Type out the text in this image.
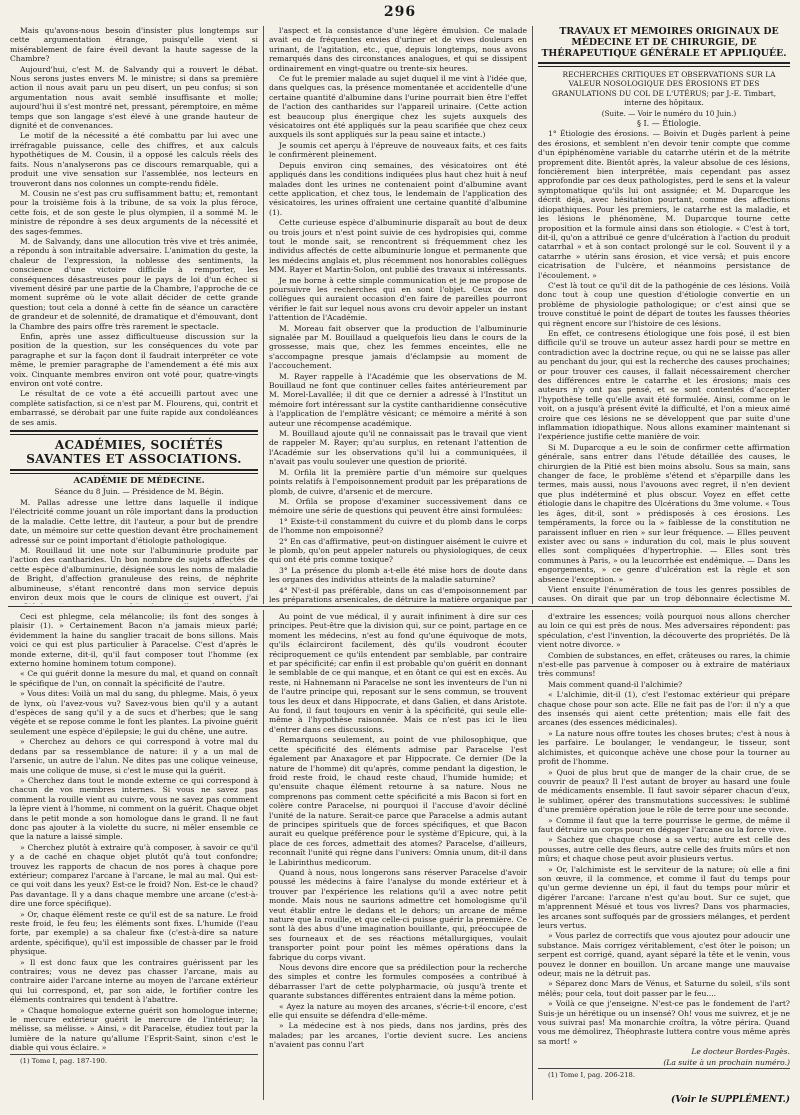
296

Mais qu'avons-nous besoin d'insister plus longtemps sur cette argumentation étrange, puisqu'elle vient si misérablement de faire éveil devant la haute sagesse de la Chambre?

Aujourd'hui, c'est M. de Salvandy qui a rouvert le débat. Nous serons justes envers M. le ministre; si dans sa première action il nous avait paru un peu disert, un peu confus; si son argumentation nous avait semblé insuffisante et molle; aujourd'hui il s'est montré net, pressant, péremptoire, en même temps que son langage s'est élevé à une grande hauteur de dignité et de convenances.

Le motif de la nécessité a été combattu par lui avec une irréfragable puissance, celle des chiffres, et aux calculs hypothétiques de M. Cousin, il a opposé les calculs réels des faits. Nous n'analyserons pas ce discours remarquable, qui a produit une vive sensation sur l'assemblée, nos lecteurs en trouveront dans nos colonnes un compte-rendu fidèle.

M. Cousin ne s'est pas cru suffisamment battu; et, remontant pour la troisième fois à la tribune, de sa voix la plus féroce, cette fois, et de son geste le plus olympien, il a sommé M. le ministre de répondre à ses deux arguments de la nécessité et des sages-femmes.

M. de Salvandy, dans une allocution très vive et très animée, a répondu à son intraitable adversaire. L'animation du geste, la chaleur de l'expression, la noblesse des sentiments, la conscience d'une victoire difficile à remporter, les conséquences désastreuses pour le pays de loi d'un échec si vivement désiré par une partie de la Chambre, l'approche de ce moment suprême où le vote allait décider de cette grande question; tout cela a donné à cette fin de séance un caractère de grandeur et de solennité, de dramatique et d'émouvant, dont la Chambre des pairs offre très rarement le spectacle.

Enfin, après une assez difficultueuse discussion sur la position de la question, sur les conséquences du vote par paragraphe et sur la façon dont il faudrait interpréter ce vote même, le premier paragraphe de l'amendement a été mis aux voix. Cinquante membres environ ont voté pour, quatre-vingts environ ont voté contre.

Le résultat de ce vote a été accueilli partout avec une complète satisfaction, si ce n'est par M. Flourens, qui, contrit et embarrassé, se dérobait par une fuite rapide aux condoléances de ses amis.

ACADÉMIES, SOCIÉTÉS SAVANTES ET ASSOCIATIONS.

ACADÉMIE DE MÉDECINE.

Séance du 8 Juin. — Présidence de M. Bégin.

M. Pallas adresse une lettre dans laquelle il indique l'électricité comme jouant un rôle important dans la production de la maladie. Cette lettre, dit l'auteur, a pour but de prendre date, un mémoire sur cette question devant être prochainement adressé sur ce point important d'étiologie pathologique.

M. Rouillaud lit une note sur l'albuminurie produite par l'action des cantharides. Un bon nombre de sujets affectés de cette espèce d'albuminurie, désignée sous les noms de maladie de Bright, d'affection granuleuse des reins, de néphrite albumineuse, s'étant rencontré dans mon service depuis environ deux mois que le cours de clinique est ouvert, j'ai

l'aspect et la consistance d'une légère émulsion. Ce malade avait eu de fréquentes envies d'uriner et de vives douleurs en urinant, de l'agitation, etc., que, depuis longtemps, nous avons remarqués dans des circonstances analogues, et qui se dissipent ordinairement en vingt-quatre ou trente-six heures.

Ce fut le premier malade au sujet duquel il me vint à l'idée que, dans quelques cas, la présence momentanée et accidentelle d'une certaine quantité d'albumine dans l'urine pourrait bien être l'effet de l'action des cantharides sur l'appareil urinaire. (Cette action est beaucoup plus énergique chez les sujets auxquels des vésicatoires ont été appliqués sur la peau scarifiée que chez ceux auxquels ils sont appliqués sur la peau saine et intacte.)

Je soumis cet aperçu à l'épreuve de nouveaux faits, et ces faits le confirmèrent pleinement.

Depuis environ cinq semaines, des vésicatoires ont été appliqués dans les conditions indiquées plus haut chez huit à neuf malades dont les urines ne contenaient point d'albumine avant cette application, et chez tous, le lendemain de l'application des vésicatoires, les urines offraient une certaine quantité d'albumine (1).

Cette curieuse espèce d'albuminurie disparaît au bout de deux ou trois jours et n'est point suivie de ces hydropisies qui, comme tout le monde sait, se rencontrent si fréquemment chez les individus affectés de cette albuminurie longue et permanente que les médecins anglais et, plus récemment nos honorables collègues MM. Rayer et Martin-Solon, ont publié des travaux si intéressants.

Je me borne à cette simple communication et je me propose de poursuivre les recherches qui en sont l'objet. Ceux de nos collègues qui auraient occasion d'en faire de pareilles pourront vérifier le fait sur lequel nous avons cru devoir appeler un instant l'attention de l'Académie.

M. Moreau fait observer que la production de l'albuminurie signalée par M. Bouillaud a quelquefois lieu dans le cours de la grossesse, mais que, chez les femmes enceintes, elle ne s'accompagne presque jamais d'éclampsie au moment de l'accouchement.

M. Rayer rappelle à l'Académie que les observations de M. Bouillaud ne font que continuer celles faites antérieurement par M. Morel-Lavallée; il dit que ce dernier a adressé à l'Institut un mémoire fort intéressant sur la cystite cantharidienne consécutive à l'application de l'emplâtre vésicant; ce mémoire a mérité à son auteur une récompense académique.

M. Bouillaud ajoute qu'il ne connaissait pas le travail que vient de rappeler M. Rayer; qu'au surplus, en retenant l'attention de l'Académie sur les observations qu'il lui a communiquées, il n'avait pas voulu soulever une question de priorité.

M. Orfila lit la première partie d'un mémoire sur quelques points relatifs à l'empoisonnement produit par les préparations de plomb, de cuivre, d'arsenic et de mercure.

M. Orfila se propose d'examiner successivement dans ce mémoire une série de questions qui peuvent être ainsi formulées:

1° Existe-t-il constamment du cuivre et du plomb dans le corps de l'homme non empoisonné?

2° En cas d'affirmative, peut-on distinguer aisément le cuivre et le plomb, qu'on peut appeler naturels ou physiologiques, de ceux qui ont été pris comme toxique?

3° La présence du plomb a-t-elle été mise hors de doute dans les organes des individus atteints de la maladie saturnine?

4° N'est-il pas préférable, dans un cas d'empoisonnement par les préparations arsenicales, de détruire la matière organique par

TRAVAUX ET MÉMOIRES ORIGINAUX DE MÉDECINE ET DE CHIRURGIE, DE THÉRAPEUTIQUE GÉNÉRALE ET APPLIQUÉE.

RECHERCHES CRITIQUES ET OBSERVATIONS SUR LA VALEUR NOSOLOGIQUE DES ÉROSIONS ET DES GRANULATIONS DU COL DE L'UTÉRUS; par J.-E. Timbart, interne des hôpitaux.

(Suite. — Voir le numéro du 10 Juin.)

§ I. — Étiologie.

1° Étiologie des érosions. — Boivin et Dugès parlent à peine des érosions, et semblent n'en devoir tenir compte que comme d'un épiphénomène variable du catarrhe utérin et de la métrite proprement dite. Bientôt après, la valeur absolue de ces lésions, foncièrement bien interprétée, mais cependant pas assez approfondie par ces deux pathologistes, perd le sens et la valeur symptomatique qu'ils lui ont assignée; et M. Duparcque les décrit déjà, avec hésitation pourtant, comme des affections idiopathiques. Pour les premiers, le catarrhe est la maladie, et les lésions le phénomène, M. Duparcque tourne cette proposition et la formule ainsi dans son étiologie. « C'est à tort, dit-il, qu'on a attribué ce genre d'ulcération à l'action du produit catarrhal » et à son contact prolongé sur le col. Souvent il y a catarrhe » utérin sans érosion, et vice versâ; et puis encore cicatrisation de l'ulcère, et néanmoins persistance de l'écoulement. »

C'est là tout ce qu'il dit de la pathogénie de ces lésions. Voilà donc tout à coup une question d'étiologie convertie en un problème de physiologie pathologique; or c'est ainsi que se trouve constitué le point de départ de toutes les fausses théories qui règnent encore sur l'histoire de ces lésions.

En effet, ce contresens étiologique une fois posé, il est bien difficile qu'il se trouve un auteur assez hardi pour se mettre en contradiction avec la doctrine reçue, ou qui ne se laisse pas aller au penchant du jour, qui est la recherche des causes prochaines; or pour trouver ces causes, il fallait nécessairement chercher des différences entre le catarrhe et les érosions; mais ces auteurs n'y ont pas pensé, et se sont contentés d'accepter l'hypothèse telle qu'elle avait été formulée. Ainsi, comme on le voit, on a jusqu'à présent évité la difficulté, et l'on a mieux aimé croire que ces lésions ne se développent que par suite d'une inflammation idiopathique. Nous allons examiner maintenant si l'expérience justifie cette manière de voir.

Si M. Duparcque a eu le soin de confirmer cette affirmation générale, sans entrer dans l'étude détaillée des causes, le chirurgien de la Pitié est bien moins absolu. Sous sa main, sans changer de face, le problème s'étend et s'éparpille dans les termes, mais aussi, nous l'avouons avec regret, il n'en devient que plus indéterminé et plus obscur. Voyez en effet cette étiologie dans le chapitre des Ulcérations du 3me volume. « Tous les âges, dit-il, sont » prédisposés à ces érosions. Les tempéraments, la force ou la » faiblesse de la constitution ne paraissent influer en rien » sur leur fréquence. — Elles peuvent exister avec ou sans » induration du col, mais le plus souvent elles sont compliquées d'hypertrophie. — Elles sont très communes à Paris, » ou la leucorrhée est endémique. — Dans les engorgements, » ce genre d'ulcération est la règle et son absence l'exception. »

Vient ensuite l'énumération de tous les genres possibles de causes. On dirait que par un trop débonnaire éclectisme M.

Ceci est phlegme, cela mélancolie; ils font des songes à plaisir (1). » Certainement Bacon n'a jamais mieux parlé; évidemment la haine du sanglier tracait de bons sillons. Mais voici ce qui est plus particulier à Paracelse. C'est d'après le monde externe, dit-il, qu'il faut composer tout l'homme (ex externo homine hominem totum compone).

« Ce qui guérit donne la mesure du mal, et quand on connaît le spécifique de l'un, on connaît la spécificité de l'autre.

» Vous dites: Voilà un mal du sang, du phlegme. Mais, ô yeux de lynx, où l'avez-vous vu? Savez-vous bien qu'il y a autant d'espèces de sang qu'il y a de sucs et d'herbes; que le sang végète et se repose comme le font les plantes. La pivoine guérit seulement une espèce d'épilepsie; le gui du chêne, une autre.

» Cherchez au dehors ce qui correspond à votre mal du dedans par sa ressemblance de nature: il y a un mal de l'arsenic, un autre de l'alun. Ne dites pas une colique veineuse, mais une colique de muse, si c'est le muse qui la guérit.

» Cherchez dans tout le monde externe ce qui correspond à chacun de vos membres internes. Si vous ne savez pas comment la rouille vient au cuivre, vous ne savez pas comment la lèpre vient à l'homme, ni comment on la guérit. Chaque objet dans le petit monde a son homologue dans le grand. Il ne faut donc pas ajouter à la violette du sucre, ni mêler ensemble ce que la nature a laissé simple.

» Cherchez plutôt à extraire qu'à composer, à savoir ce qu'il y a de caché en chaque objet plutôt qu'à tout confondre; trouvez les rapports de chacun de nos pores à chaque pore extérieur; comparez l'arcane à l'arcane, le mal au mal. Qui est-ce qui voit dans les yeux? Est-ce le froid? Non. Est-ce le chaud? Pas davantage. Il y a dans chaque membre une arcane (c'est-à-dire une force spécifique).

» Or, chaque élément reste ce qu'il est de sa nature. Le froid reste froid, le feu feu; les éléments sont fixes. L'humide (l'eau forte, par exemple) a sa chaleur fixe (c'est-à-dire sa nature ardente, spécifique), qu'il est impossible de chasser par le froid physique.

» Il est donc faux que les contraires guérissent par les contraires; vous ne devez pas chasser l'arcane, mais au contraire aider l'arcane interne au moyen de l'arcane extérieur qui lui correspond, et, par son aide, le fortifier contre les éléments contraires qui tendent à l'abattre.

» Chaque homologue externe guérit son homologue interne; le mercure extérieur guérit le mercure de l'intérieur; la mélisse, sa mélisse. » Ainsi, » dit Paracelse, étudiez tout par la lumière de la nature qu'allume l'Esprit-Saint, sinon c'est le diable qui vous éclaire. »

(1) Tome I, pag. 187-190.

Au point de vue médical, il y aurait infiniment à dire sur ces principes. Peut-être que la division qui, sur ce point, partage en ce moment les médecins, n'est au fond qu'une équivoque de mots, qu'ils éclairciront facilement, dès qu'ils voudront écouter réciproquement ce qu'ils entendent par semblable, par contraire et par spécificité; car enfin il est probable qu'on guérit en donnant le semblable de ce qui manque, et en ôtant ce qui est en excès. Au reste, ni Hahnemann ni Paracelse ne sont les inventeurs de l'un ni de l'autre principe qui, reposant sur le sens commun, se trouvent tous les deux et dans Hippocrate, et dans Galien, et dans Aristote. Au fond, il faut toujours en venir à la spécificité, qui seule elle-même à l'hypothèse raisonnée. Mais ce n'est pas ici le lieu d'entrer dans ces discussions.

Remarquons seulement, au point de vue philosophique, que cette spécificité des éléments admise par Paracelse l'est également par Anaxagore et par Hippocrate. Ce dernier (De la nature de l'homme) dit qu'après, comme pendant la digestion, le froid reste froid, le chaud reste chaud, l'humide humide; et qu'ensuite chaque élément retourne à sa nature. Nous ne comprenons pas comment cette spécificité a mis Bacon si fort en colère contre Paracelse, ni pourquoi il l'accuse d'avoir décliné l'unité de la nature. Serait-ce parce que Paracelse a admis autant de principes spirituels que de forces spécifiques, et que Bacon aurait eu quelque préférence pour le système d'Epicure, qui, à la place de ces forces, admettait des atomes? Paracelse, d'ailleurs, reconnaît l'unité qui règne dans l'univers: Omnia unum, dit-il dans le Labirinthus medicorum.

Quand à nous, nous longerons sans réserver Paracelse d'avoir poussé les médecins à faire l'analyse du monde extérieur et à trouver par l'expérience les relations qu'il a avec notre petit monde. Mais nous ne saurions admettre cet homologisme qu'il veut établir entre le dedans et le dehors; un arcane de même nature que la rouille, et que celle-ci puisse guérir la première. Ce sont là des abus d'une imagination bouillante, qui, préoccupée de ses fourneaux et de ses réactions métallurgiques, voulait transporter point pour point les mêmes opérations dans la fabrique du corps vivant.

Nous devons dire encore que sa prédilection pour la recherche des simples et contre les formules composées a contribué à débarrasser l'art de cette polypharmacie, où jusqu'à trente et quarante substances différentes entraient dans la même potion.

« Ayez la nature au moyen des arcanes, s'écrie-t-il encore, c'est elle qui ensuite se défendra d'elle-même.

» La médecine est à nos pieds, dans nos jardins, près des malades; par les arcanes, l'ortie devient sucre. Les anciens n'avaient pas connu l'art

d'extraire les essences; voilà pourquoi nous allons chercher au loin ce qui est près de nous. Mes adversaires répondent: pas spéculation, c'est l'invention, la découverte des propriétés. De là vient notre divorce. »

Combien de substances, en effet, crâteuses ou rares, la chimie n'est-elle pas parvenue à composer ou à extraire de matériaux très communs!

Mais comment quand-il l'alchimie?

« L'alchimie, dit-il (1), c'est l'estomac extérieur qui prépare chaque chose pour son acte. Elle ne fait pas de l'or: il n'y a que des insensés qui aient cette prétention; mais elle fait des arcanes (des essences médicinales).

» La nature nous offre toutes les choses brutes; c'est à nous à les parfaire. Le boulanger, le vendangeur, le tisseur, sont alchimistes, et quiconque achève une chose pour la tourner au profit de l'homme.

» Quoi de plus brut que de manger de la chair crue, de se couvrir de peaux? Il l'est autant de broyer au hasard une foule de médicaments ensemble. Il faut savoir séparer chacun d'eux, le sublimer, opérer des transmutations successives: le sublimé d'une première opération joue le rôle de terre pour une seconde.

» Comme il faut que la terre pourrisse le germe, de même il faut détruire un corps pour en dégager l'arcane ou la force vive.

» Sachez que chaque chose a sa vertu; autre est celle des pousses, autre celle des fleurs, autre celle des fruits mûrs et non mûrs; et chaque chose peut avoir plusieurs vertus.

» Or, l'alchimiste est le serviteur de la nature; où elle a fini son œuvre, il la commence, et comme il faut du temps pour qu'un germe devienne un épi, il faut du temps pour mûrir et digérer l'arcane: l'arcane n'est qu'au bout. Sur ce sujet, que m'apprennent Mésué et tous vos livres? Dans vos pharmacies, les arcanes sont suffoqués par de grossiers mélanges, et perdent leurs vertus.

» Vous parlez de correctifs que vous ajoutez pour adoucir une substance. Mais corrigez véritablement, c'est ôter le poison; un serpent est corrigé, quand, ayant séparé la tête et le venin, vous pouvez le donner en bouillon. Un arcane mange une mauvaise odeur, mais ne la détruit pas.

» Séparez donc Mars de Vénus, et Saturne du soleil, s'ils sont mêlés; pour cela, tout doit passer par le feu....

» Voilà ce que j'enseigne. N'est-ce pas le fondement de l'art? Suis-je un hérétique ou un insensé? Oh! vous me suivrez, et je ne vous suivrai pas! Ma monarchie croîtra, la vôtre périra. Quand vous me démolirez, Théophraste luttera contre vous même après sa mort! »

Le docteur Bordes-Pagès.

(La suite à un prochain numéro.)

(1) Tome I, pag. 206-218.

(Voir le SUPPLÉMENT.)
